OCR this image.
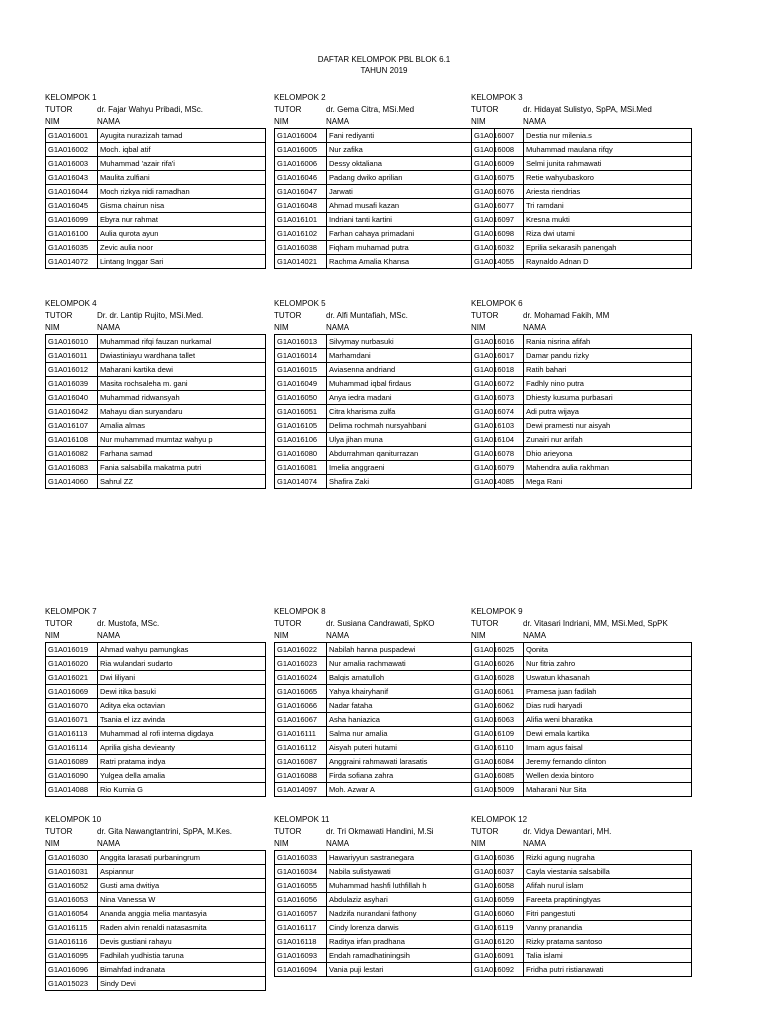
DAFTAR KELOMPOK PBL BLOK 6.1
TAHUN 2019
KELOMPOK 1
TUTOR	dr. Fajar Wahyu Pribadi, MSc.
NIM	NAMA
G1A016001	Ayugita nurazizah tamad
G1A016002	Moch. iqbal atif
G1A016003	Muhammad 'azair rifa'i
G1A016043	Maulita zulfiani
G1A016044	Moch rizkya nidi ramadhan
G1A016045	Gisma chairun nisa
G1A016099	Ebyra nur rahmat
G1A016100	Aulia qurota ayun
G1A016035	Zevic aulia noor
G1A014072	Lintang Inggar Sari
KELOMPOK 2
TUTOR	dr. Gema Citra, MSi.Med
NIM	NAMA
G1A016004	Fani rediyanti
G1A016005	Nur zafika
G1A016006	Dessy oktaliana
G1A016046	Padang dwiko aprilian
G1A016047	Jarwati
G1A016048	Ahmad musafi kazan
G1A016101	Indriani tanti kartini
G1A016102	Farhan cahaya primadani
G1A016038	Fiqham muhamad putra
G1A014021	Rachma Amalia Khansa
KELOMPOK 3
TUTOR	dr. Hidayat Sulistyo, SpPA, MSi.Med
NIM	NAMA
G1A016007	Destia nur milenia.s
G1A016008	Muhammad maulana rifqy
G1A016009	Selmi junita rahmawati
G1A016075	Retie wahyubaskoro
G1A016076	Ariesta riendrias
G1A016077	Tri ramdani
G1A016097	Kresna mukti
G1A016098	Riza dwi utami
G1A016032	Eprilia sekarasih panengah
G1A014055	Raynaldo Adnan D
KELOMPOK 4
TUTOR	Dr. dr. Lantip Rujito, MSi.Med.
NIM	NAMA
G1A016010	Muhammad rifqi fauzan nurkamal
G1A016011	Dwiastiniayu wardhana tallet
G1A016012	Maharani kartika dewi
G1A016039	Masita rochsaleha m. gani
G1A016040	Muhammad ridwansyah
G1A016042	Mahayu dian suryandaru
G1A016107	Amalia almas
G1A016108	Nur muhammad mumtaz wahyu p
G1A016082	Farhana samad
G1A016083	Fania salsabilla makatma putri
G1A014060	Sahrul ZZ
KELOMPOK 5
TUTOR	dr. Alfi Muntafiah, MSc.
NIM	NAMA
G1A016013	Silvymay nurbasuki
G1A016014	Marhamdani
G1A016015	Aviasenna andriand
G1A016049	Muhammad iqbal firdaus
G1A016050	Anya iedra madani
G1A016051	Citra kharisma zulfa
G1A016105	Delima rochmah nursyahbani
G1A016106	Ulya jihan muna
G1A016080	Abdurrahman qaniturrazan
G1A016081	Imelia anggraeni
G1A014074	Shafira Zaki
KELOMPOK 6
TUTOR	dr. Mohamad Fakih, MM
NIM	NAMA
G1A016016	Rania nisrina afifah
G1A016017	Damar pandu rizky
G1A016018	Ratih bahari
G1A016072	Fadhly nino putra
G1A016073	Dhiesty kusuma purbasari
G1A016074	Adi putra wijaya
G1A016103	Dewi pramesti nur aisyah
G1A016104	Zunairi nur arifah
G1A016078	Dhio arieyona
G1A016079	Mahendra aulia rakhman
G1A014085	Mega Rani
KELOMPOK 7
TUTOR	dr. Mustofa, MSc.
NIM	NAMA
G1A016019	Ahmad wahyu pamungkas
G1A016020	Ria wulandari sudarto
G1A016021	Dwi liliyani
G1A016069	Dewi itika basuki
G1A016070	Aditya eka octavian
G1A016071	Tsania el izz avinda
G1A016113	Muhammad al rofi interna digdaya
G1A016114	Aprilia gisha devieanty
G1A016089	Ratri pratama indya
G1A016090	Yulgea della amalia
G1A014088	Rio Kurnia G
KELOMPOK 8
TUTOR	dr. Susiana Candrawati, SpKO
NIM	NAMA
G1A016022	Nabilah hanna puspadewi
G1A016023	Nur amalia rachmawati
G1A016024	Balqis amatulloh
G1A016065	Yahya khairyhanif
G1A016066	Nadar fataha
G1A016067	Asha haniazica
G1A016111	Salma nur amalia
G1A016112	Aisyah puteri hutami
G1A016087	Anggraini rahmawati larasatis
G1A016088	Firda sofiana zahra
G1A014097	Moh. Azwar A
KELOMPOK 9
TUTOR	dr. Vitasari Indriani, MM, MSi.Med, SpPK
NIM	NAMA
G1A016025	Qonita
G1A016026	Nur fitria zahro
G1A016028	Uswatun khasanah
G1A016061	Pramesa juan fadilah
G1A016062	Dias rudi haryadi
G1A016063	Alifia weni bharatika
G1A016109	Dewi emala kartika
G1A016110	Imam agus faisal
G1A016084	Jeremy fernando clinton
G1A016085	Wellen dexia bintoro
G1A015009	Maharani Nur Sita
KELOMPOK 10
TUTOR	dr. Gita Nawangtantrini, SpPA, M.Kes.
NIM	NAMA
G1A016030	Anggita larasati purbaningrum
G1A016031	Aspiannur
G1A016052	Gusti ama dwitiya
G1A016053	Nina Vanessa W
G1A016054	Ananda anggia melia mantasyia
G1A016115	Raden alvin renaldi natasasmita
G1A016116	Devis gustiani rahayu
G1A016095	Fadhilah yudhistia taruna
G1A016096	Bimahfad indranata
G1A015023	Sindy Devi
KELOMPOK 11
TUTOR	dr. Tri Okmawati Handini, M.Si
NIM	NAMA
G1A016033	Hawariyyun sastranegara
G1A016034	Nabila sulistyawati
G1A016055	Muhammad hashfi luthfillah h
G1A016056	Abdulaziz asyhari
G1A016057	Nadzifa nurandani fathony
G1A016117	Cindy lorenza darwis
G1A016118	Raditya irfan pradhana
G1A016093	Endah ramadhatiningsih
G1A016094	Vania puji lestari
KELOMPOK 12
TUTOR	dr. Vidya Dewantari, MH.
NIM	NAMA
G1A016036	Rizki agung nugraha
G1A016037	Cayla viestania salsabilla
G1A016058	Afifah nurul islam
G1A016059	Fareeta praptiningtyas
G1A016060	Fitri pangestuti
G1A016119	Vanny pranandia
G1A016120	Rizky pratama santoso
G1A016091	Talia islami
G1A016092	Fridha putri ristianawati
